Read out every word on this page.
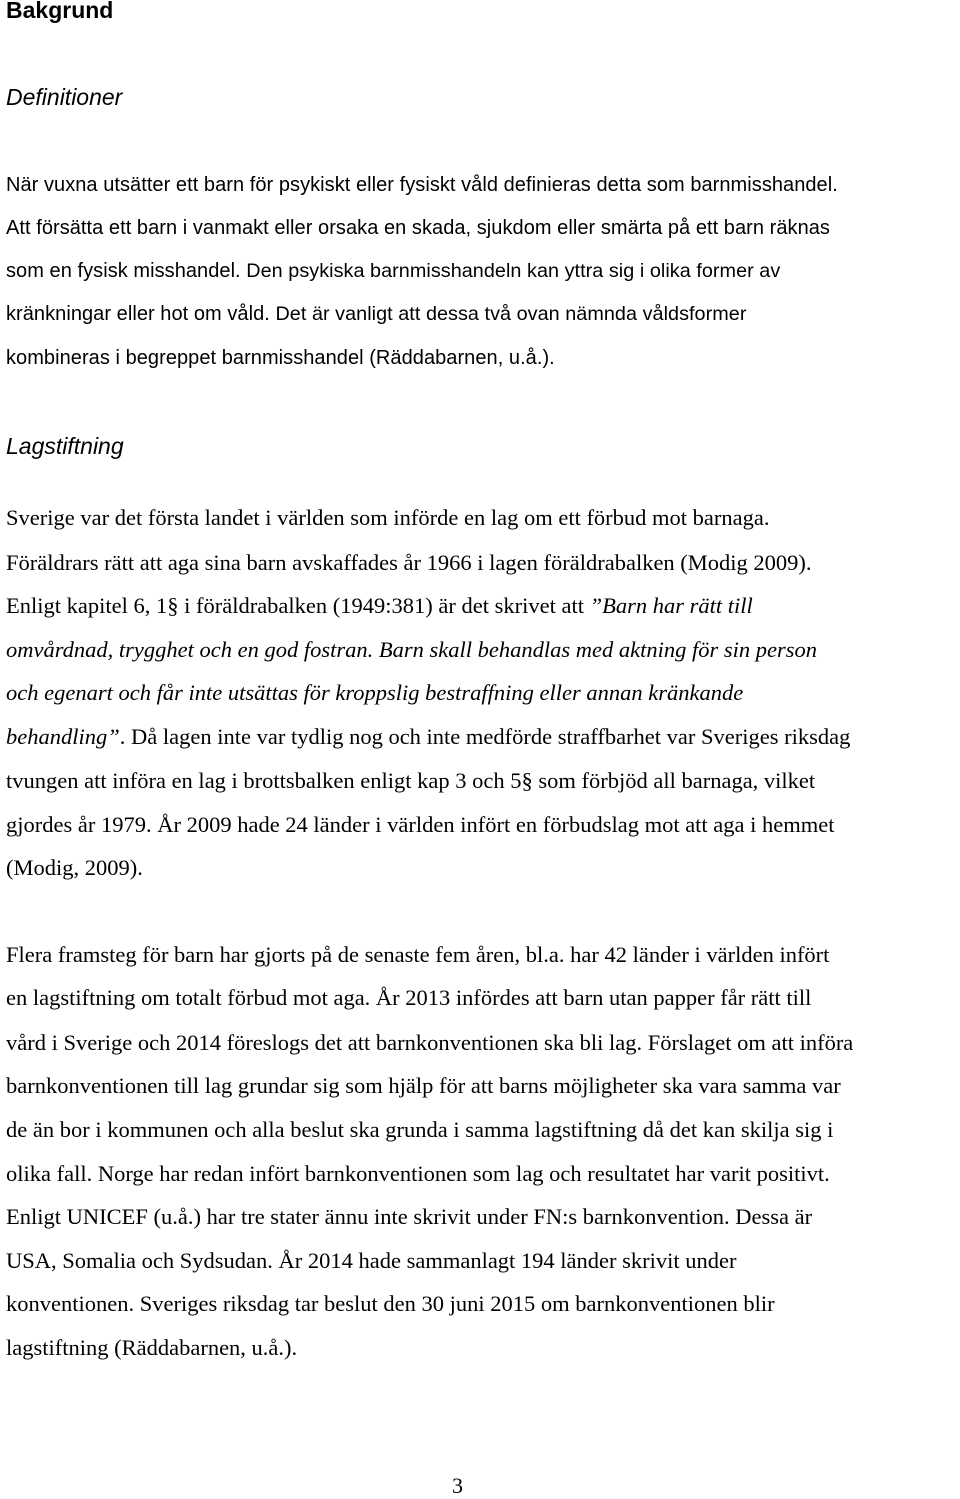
Bakgrund
Definitioner
När vuxna utsätter ett barn för psykiskt eller fysiskt våld definieras detta som barnmisshandel.
Att försätta ett barn i vanmakt eller orsaka en skada, sjukdom eller smärta på ett barn räknas
som en fysisk misshandel. Den psykiska barnmisshandeln kan yttra sig i olika former av
kränkningar eller hot om våld. Det är vanligt att dessa två ovan nämnda våldsformer
kombineras i begreppet barnmisshandel (Räddabarnen, u.å.).
Lagstiftning
Sverige var det första landet i världen som införde en lag om ett förbud mot barnaga.
Föräldrars rätt att aga sina barn avskaffades år 1966 i lagen föräldrabalken (Modig 2009).
Enligt kapitel 6, 1§ i föräldrabalken (1949:381) är det skrivet att ”Barn har rätt till
omvårdnad, trygghet och en god fostran. Barn skall behandlas med aktning för sin person
och egenart och får inte utsättas för kroppslig bestraffning eller annan kränkande
behandling”. Då lagen inte var tydlig nog och inte medförde straffbarhet var Sveriges riksdag
tvungen att införa en lag i brottsbalken enligt kap 3 och 5§ som förbjöd all barnaga, vilket
gjordes år 1979. År 2009 hade 24 länder i världen infört en förbudslag mot att aga i hemmet
(Modig, 2009).
Flera framsteg för barn har gjorts på de senaste fem åren, bl.a. har 42 länder i världen infört
en lagstiftning om totalt förbud mot aga. År 2013 infördes att barn utan papper får rätt till
vård i Sverige och 2014 föreslogs det att barnkonventionen ska bli lag. Förslaget om att införa
barnkonventionen till lag grundar sig som hjälp för att barns möjligheter ska vara samma var
de än bor i kommunen och alla beslut ska grunda i samma lagstiftning då det kan skilja sig i
olika fall. Norge har redan infört barnkonventionen som lag och resultatet har varit positivt.
Enligt UNICEF (u.å.) har tre stater ännu inte skrivit under FN:s barnkonvention. Dessa är
USA, Somalia och Sydsudan. År 2014 hade sammanlagt 194 länder skrivit under
konventionen. Sveriges riksdag tar beslut den 30 juni 2015 om barnkonventionen blir
lagstiftning (Räddabarnen, u.å.).
3
